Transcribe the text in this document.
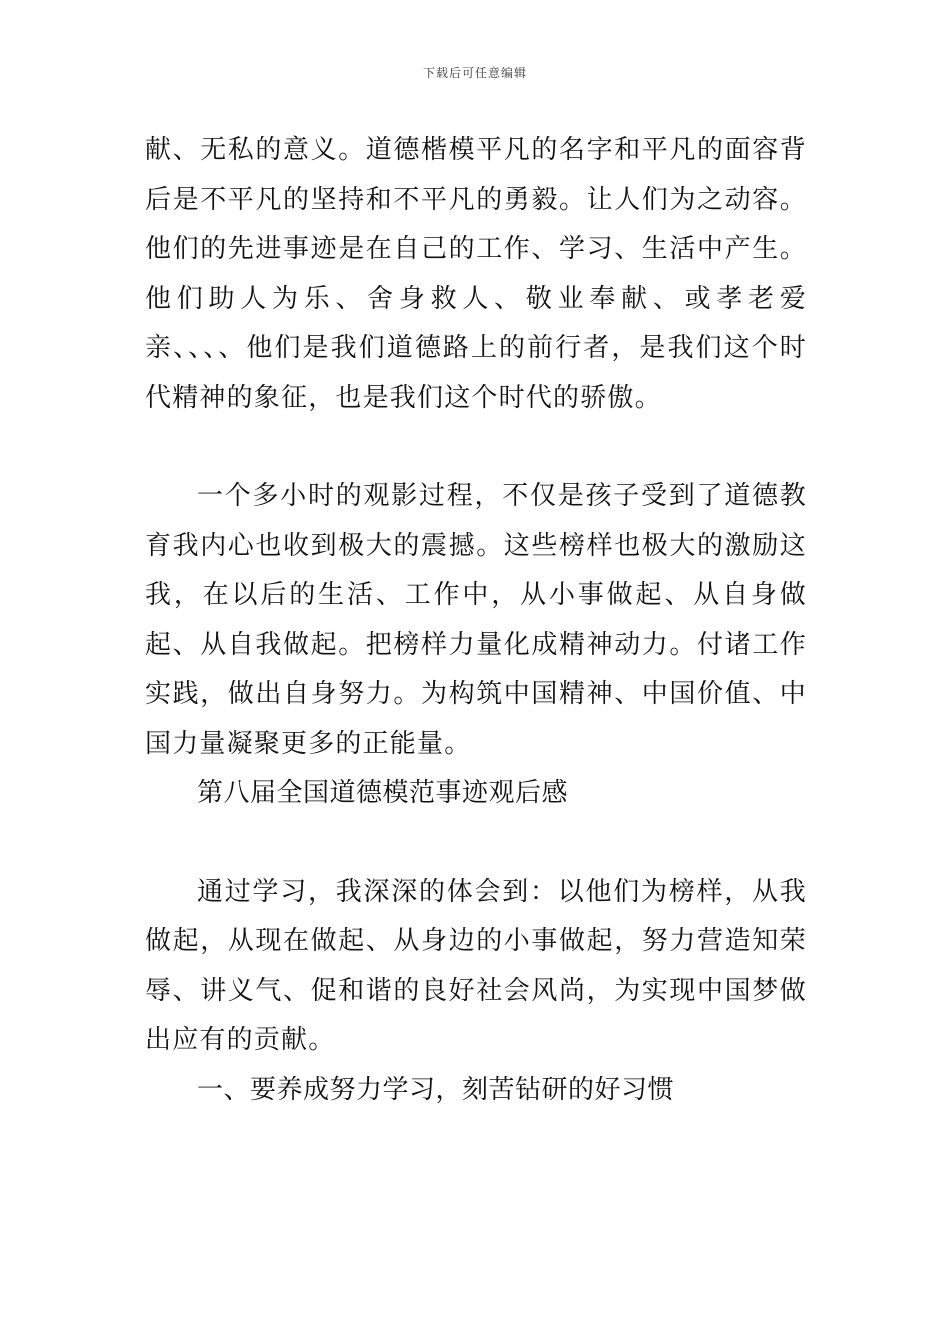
下载后可任意编辑

献、无私的意义。道德楷模平凡的名字和平凡的面容背后是不平凡的坚持和不平凡的勇毅。让人们为之动容。他们的先进事迹是在自己的工作、学习、生活中产生。他们助人为乐、舍身救人、敬业奉献、或孝老爱亲、、、、他们是我们道德路上的前行者，是我们这个时代精神的象征，也是我们这个时代的骄傲。

一个多小时的观影过程，不仅是孩子受到了道德教育我内心也收到极大的震撼。这些榜样也极大的激励这我，在以后的生活、工作中，从小事做起、从自身做起、从自我做起。把榜样力量化成精神动力。付诸工作实践，做出自身努力。为构筑中国精神、中国价值、中国力量凝聚更多的正能量。

第八届全国道德模范事迹观后感

通过学习，我深深的体会到：以他们为榜样，从我做起，从现在做起、从身边的小事做起，努力营造知荣辱、讲义气、促和谐的良好社会风尚，为实现中国梦做出应有的贡献。

一、要养成努力学习，刻苦钻研的好习惯
